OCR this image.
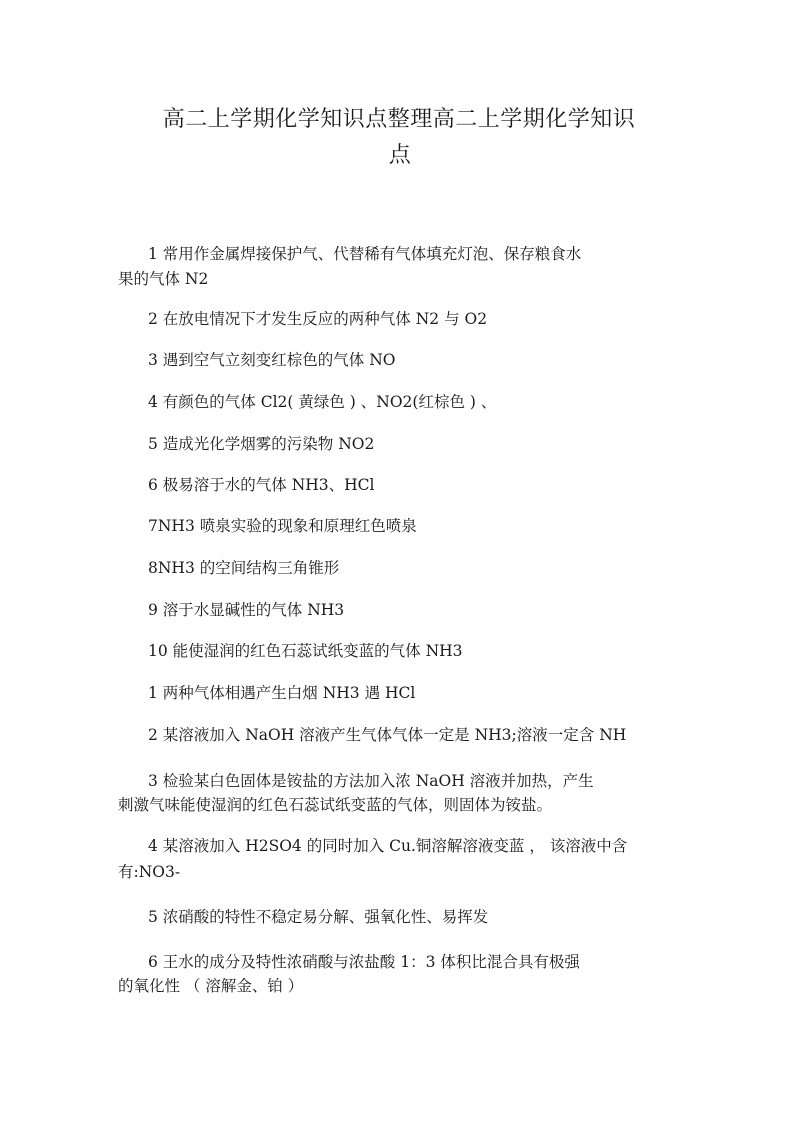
高二上学期化学知识点整理高二上学期化学知识
点

1 常用作金属焊接保护气、代替稀有气体填充灯泡、保存粮食水

果的气体 N2

2 在放电情况下才发生反应的两种气体 N2 与 O2

3 遇到空气立刻变红棕色的气体 NO

4 有颜色的气体 Cl2( 黄绿色 ) 、NO2(红棕色 ) 、

5 造成光化学烟雾的污染物 NO2

6 极易溶于水的气体 NH3、HCl

7NH3 喷泉实验的现象和原理红色喷泉

8NH3 的空间结构三角锥形

9 溶于水显碱性的气体 NH3

10 能使湿润的红色石蕊试纸变蓝的气体 NH3

1 两种气体相遇产生白烟 NH3 遇 HCl

2 某溶液加入 NaOH 溶液产生气体气体一定是 NH3;溶液一定含 NH

3 检验某白色固体是铵盐的方法加入浓 NaOH 溶液并加热，产生

刺激气味能使湿润的红色石蕊试纸变蓝的气体，则固体为铵盐。

4 某溶液加入 H2SO4 的同时加入 Cu.铜溶解溶液变蓝 ， 该溶液中含

有:NO3-

5 浓硝酸的特性不稳定易分解、强氧化性、易挥发

6 王水的成分及特性浓硝酸与浓盐酸 1：3 体积比混合具有极强

的氧化性 （ 溶解金、铂 ）
